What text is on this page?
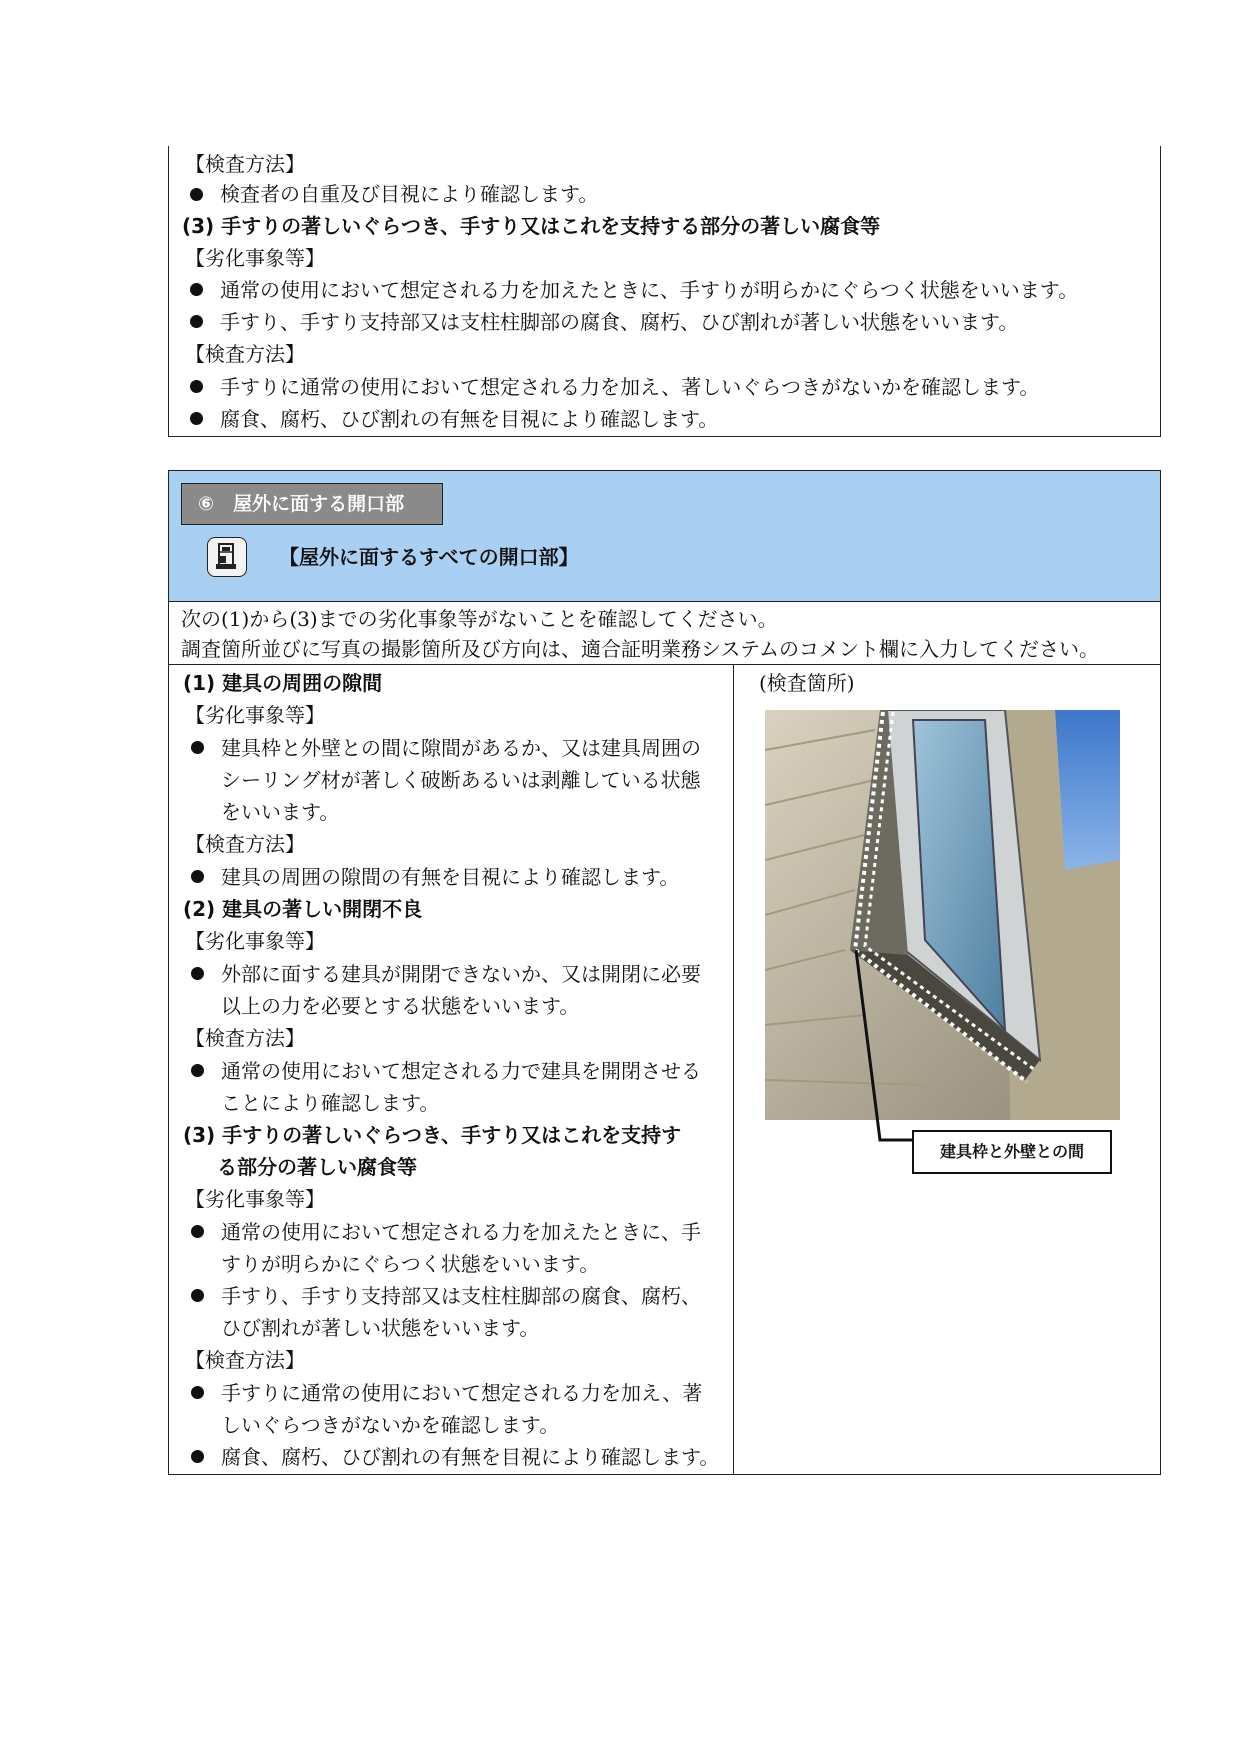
【検査方法】
検査者の自重及び目視により確認します。
(3) 手すりの著しいぐらつき、手すり又はこれを支持する部分の著しい腐食等
【劣化事象等】
通常の使用において想定される力を加えたときに、手すりが明らかにぐらつく状態をいいます。
手すり、手すり支持部又は支柱柱脚部の腐食、腐朽、ひび割れが著しい状態をいいます。
【検査方法】
手すりに通常の使用において想定される力を加え、著しいぐらつきがないかを確認します。
腐食、腐朽、ひび割れの有無を目視により確認します。
⑥　屋外に面する開口部
【屋外に面するすべての開口部】
次の(1)から(3)までの劣化事象等がないことを確認してください。
調査箇所並びに写真の撮影箇所及び方向は、適合証明業務システムのコメント欄に入力してください。
(1) 建具の周囲の隙間
【劣化事象等】
建具枠と外壁との間に隙間があるか、又は建具周囲の
シーリング材が著しく破断あるいは剥離している状態
をいいます。
【検査方法】
建具の周囲の隙間の有無を目視により確認します。
(2) 建具の著しい開閉不良
【劣化事象等】
外部に面する建具が開閉できないか、又は開閉に必要
以上の力を必要とする状態をいいます。
【検査方法】
通常の使用において想定される力で建具を開閉させる
ことにより確認します。
(3) 手すりの著しいぐらつき、手すり又はこれを支持す
る部分の著しい腐食等
【劣化事象等】
通常の使用において想定される力を加えたときに、手
すりが明らかにぐらつく状態をいいます。
手すり、手すり支持部又は支柱柱脚部の腐食、腐朽、
ひび割れが著しい状態をいいます。
【検査方法】
手すりに通常の使用において想定される力を加え、著
しいぐらつきがないかを確認します。
腐食、腐朽、ひび割れの有無を目視により確認します。
(検査箇所)
建具枠と外壁との間
